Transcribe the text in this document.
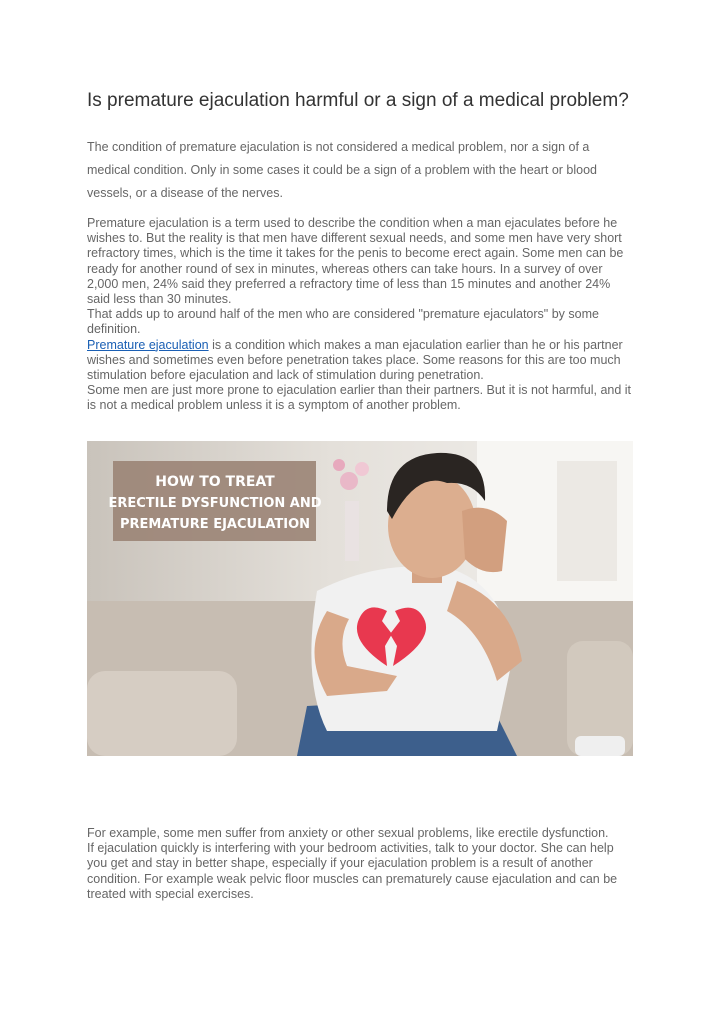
Is premature ejaculation harmful or a sign of a medical problem?

The condition of premature ejaculation is not considered a medical problem, nor a sign of a medical condition. Only in some cases it could be a sign of a problem with the heart or blood vessels, or a disease of the nerves.

Premature ejaculation is a term used to describe the condition when a man ejaculates before he wishes to. But the reality is that men have different sexual needs, and some men have very short refractory times, which is the time it takes for the penis to become erect again. Some men can be ready for another round of sex in minutes, whereas others can take hours. In a survey of over 2,000 men, 24% said they preferred a refractory time of less than 15 minutes and another 24% said less than 30 minutes.

That adds up to around half of the men who are considered "premature ejaculators" by some definition.

Premature ejaculation is a condition which makes a man ejaculation earlier than he or his partner wishes and sometimes even before penetration takes place. Some reasons for this are too much stimulation before ejaculation and lack of stimulation during penetration.

Some men are just more prone to ejaculation earlier than their partners. But it is not harmful, and it is not a medical problem unless it is a symptom of another problem.

HOW TO TREAT
ERECTILE DYSFUNCTION AND
PREMATURE EJACULATION

For example, some men suffer from anxiety or other sexual problems, like erectile dysfunction.

If ejaculation quickly is interfering with your bedroom activities, talk to your doctor. She can help you get and stay in better shape, especially if your ejaculation problem is a result of another condition. For example weak pelvic floor muscles can prematurely cause ejaculation and can be treated with special exercises.
